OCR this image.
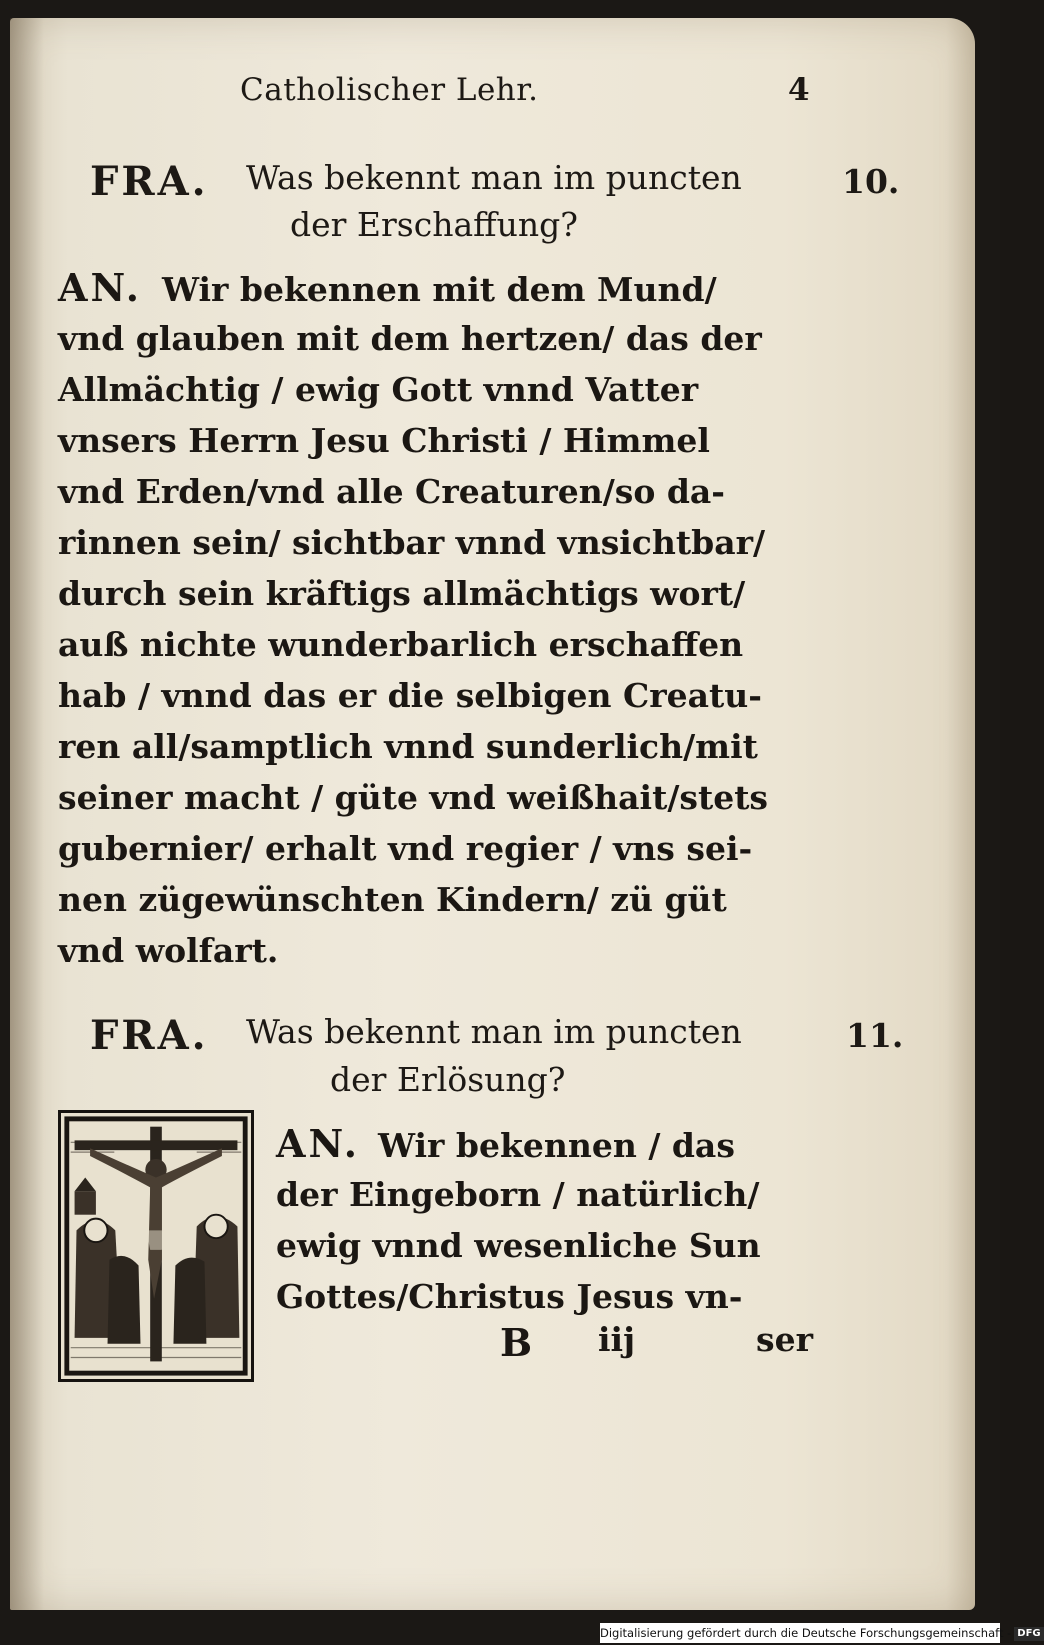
Catholischer Lehr.	4
FRA. Was bekennt man im puncten
der Erschaffung?
10.
AN. Wir bekennen mit dem Mund/
vnd glauben mit dem hertzen/ das der
Allmächtig / ewig Gott vnnd Vatter
vnsers Herrn Jesu Christi / Himmel
vnd Erden/vnd alle Creaturen/so da-
rinnen sein/ sichtbar vnnd vnsichtbar/
durch sein kräftigs allmächtigs wort/
auß nichte wunderbarlich erschaffen
hab / vnnd das er die selbigen Creatu-
ren all/samptlich vnnd sunderlich/mit
seiner macht / güte vnd weißhait/stets
gubernier/ erhalt vnd regier / vns sei-
nen zügewünschten Kindern/ zü güt
vnd wolfart.
FRA. Was bekennt man im puncten
der Erlösung?
11.
AN. Wir bekennen / das
der Eingeborn / natürlich/
ewig vnnd wesenliche Sun
Gottes/Christus Jesus vn-
B iij	ser
Digitalisierung gefördert durch die Deutsche Forschungsgemeinschaft - DFG
